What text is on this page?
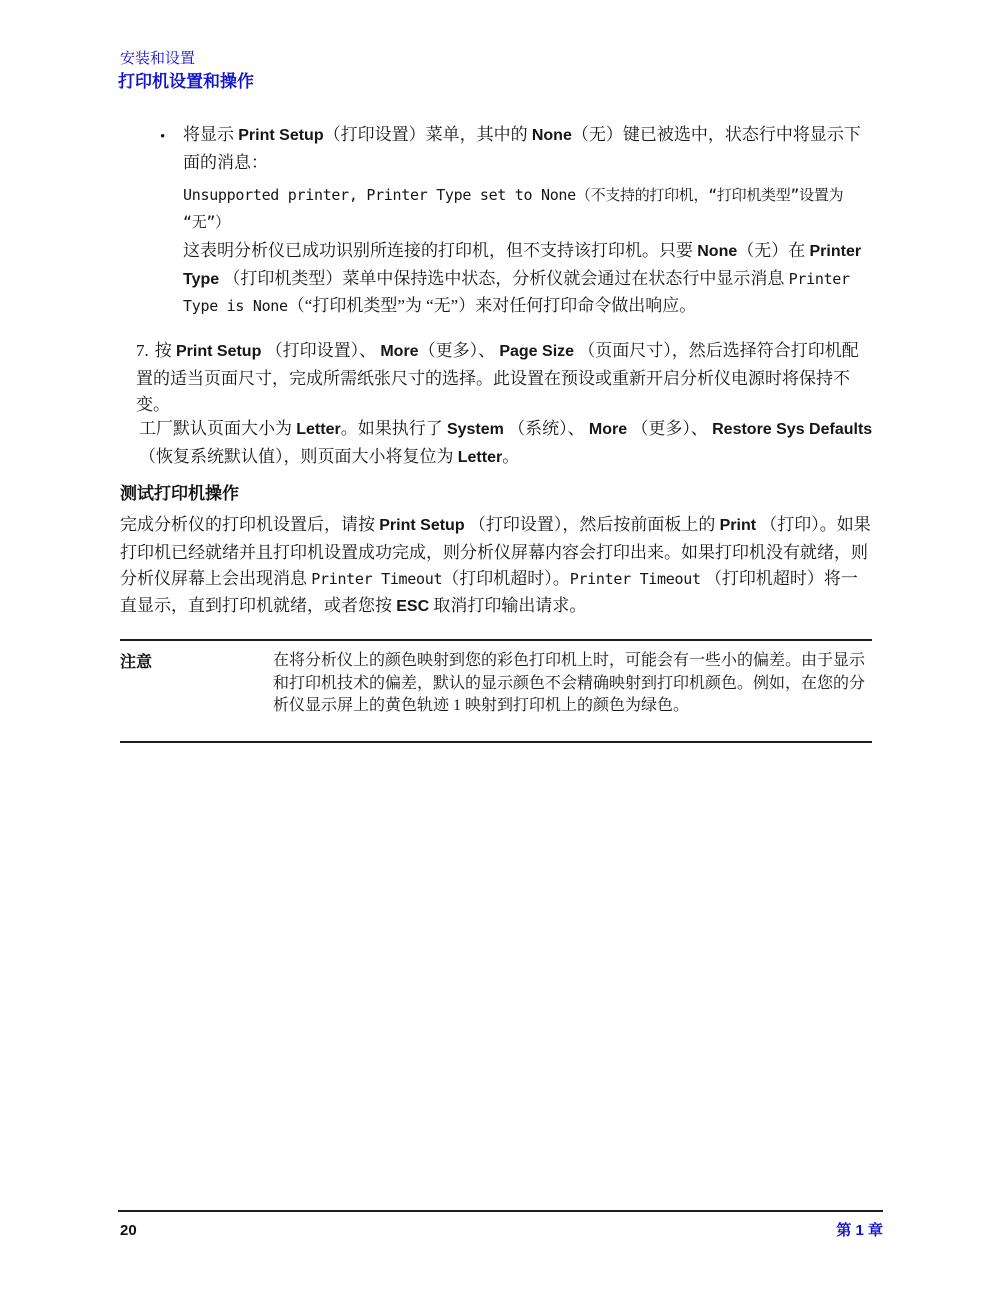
安装和设置
打印机设置和操作
• 将显示 Print Setup（打印设置）菜单，其中的 None（无）键已被选中，状态行中将显示下面的消息：
Unsupported printer, Printer Type set to None（不支持的打印机，“打印机类型”设置为 “无”）
这表明分析仪已成功识别所连接的打印机，但不支持该打印机。只要 None（无）在 Printer Type （打印机类型）菜单中保持选中状态，分析仪就会通过在状态行中显示消息 Printer Type is None（“打印机类型”为 “无”）来对任何打印命令做出响应。
7. 按 Print Setup （打印设置）、 More（更多）、 Page Size （页面尺寸），然后选择符合打印机配置的适当页面尺寸，完成所需纸张尺寸的选择。此设置在预设或重新开启分析仪电源时将保持不变。
工厂默认页面大小为 Letter。如果执行了 System （系统）、 More （更多）、 Restore Sys Defaults （恢复系统默认值），则页面大小将复位为 Letter。
测试打印机操作
完成分析仪的打印机设置后，请按 Print Setup （打印设置），然后按前面板上的 Print （打印）。如果打印机已经就绪并且打印机设置成功完成，则分析仪屏幕内容会打印出来。如果打印机没有就绪，则分析仪屏幕上会出现消息 Printer Timeout（打印机超时）。Printer Timeout （打印机超时）将一直显示，直到打印机就绪，或者您按 ESC 取消打印输出请求。
注意	在将分析仪上的颜色映射到您的彩色打印机上时，可能会有一些小的偏差。由于显示和打印机技术的偏差，默认的显示颜色不会精确映射到打印机颜色。例如，在您的分析仪显示屏上的黄色轨迹 1 映射到打印机上的颜色为绿色。
20	第 1 章
